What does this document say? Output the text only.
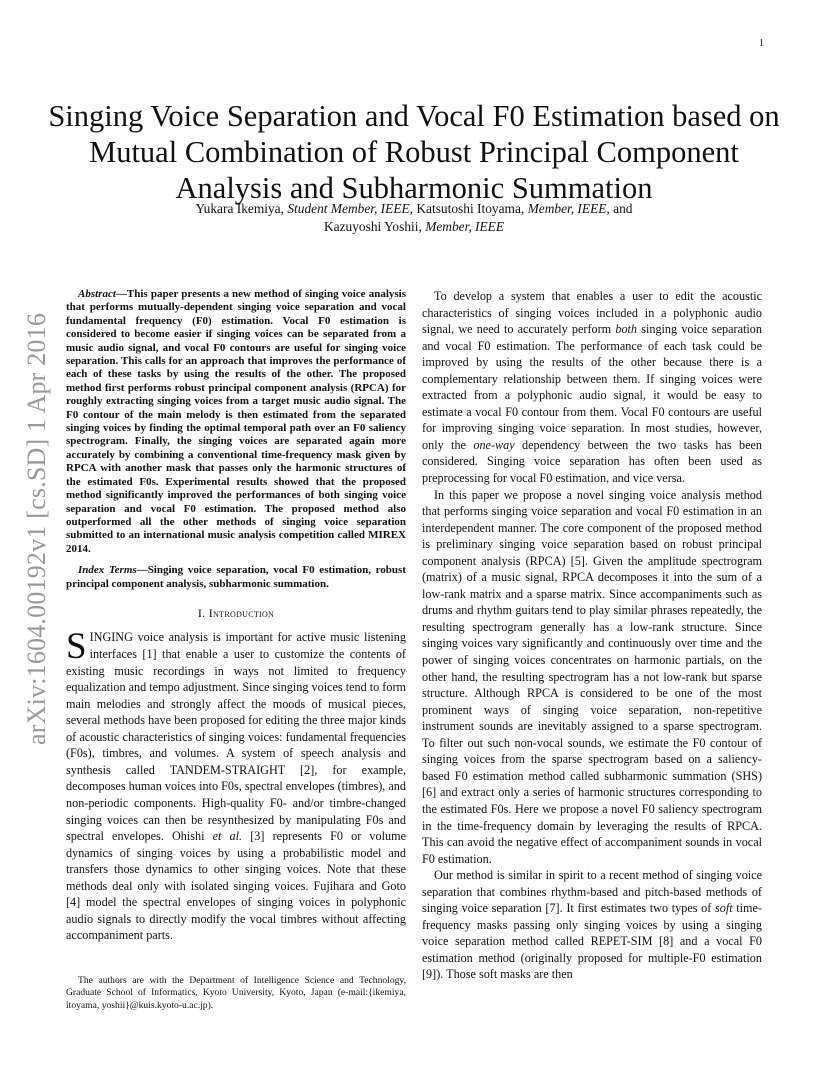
1
arXiv:1604.00192v1 [cs.SD] 1 Apr 2016
Singing Voice Separation and Vocal F0 Estimation based on Mutual Combination of Robust Principal Component Analysis and Subharmonic Summation
Yukara Ikemiya, Student Member, IEEE, Katsutoshi Itoyama, Member, IEEE, and
Kazuyoshi Yoshii, Member, IEEE

Abstract—This paper presents a new method of singing voice analysis that performs mutually-dependent singing voice separation and vocal fundamental frequency (F0) estimation. Vocal F0 estimation is considered to become easier if singing voices can be separated from a music audio signal, and vocal F0 contours are useful for singing voice separation. This calls for an approach that improves the performance of each of these tasks by using the results of the other. The proposed method first performs robust principal component analysis (RPCA) for roughly extracting singing voices from a target music audio signal. The F0 contour of the main melody is then estimated from the separated singing voices by finding the optimal temporal path over an F0 saliency spectrogram. Finally, the singing voices are separated again more accurately by combining a conventional time-frequency mask given by RPCA with another mask that passes only the harmonic structures of the estimated F0s. Experimental results showed that the proposed method significantly improved the performances of both singing voice separation and vocal F0 estimation. The proposed method also outperformed all the other methods of singing voice separation submitted to an international music analysis competition called MIREX 2014.

Index Terms—Singing voice separation, vocal F0 estimation, robust principal component analysis, subharmonic summation.

I. Introduction

SINGING voice analysis is important for active music listening interfaces [1] that enable a user to customize the contents of existing music recordings in ways not limited to frequency equalization and tempo adjustment. Since singing voices tend to form main melodies and strongly affect the moods of musical pieces, several methods have been proposed for editing the three major kinds of acoustic characteristics of singing voices: fundamental frequencies (F0s), timbres, and volumes. A system of speech analysis and synthesis called TANDEM-STRAIGHT [2], for example, decomposes human voices into F0s, spectral envelopes (timbres), and non-periodic components. High-quality F0- and/or timbre-changed singing voices can then be resynthesized by manipulating F0s and spectral envelopes. Ohishi et al. [3] represents F0 or volume dynamics of singing voices by using a probabilistic model and transfers those dynamics to other singing voices. Note that these methods deal only with isolated singing voices. Fujihara and Goto [4] model the spectral envelopes of singing voices in polyphonic audio signals to directly modify the vocal timbres without affecting accompaniment parts.

The authors are with the Department of Intelligence Science and Technology, Graduate School of Informatics, Kyoto University, Kyoto, Japan (e-mail:{ikemiya, itoyama, yoshii}@kuis.kyoto-u.ac.jp).

To develop a system that enables a user to edit the acoustic characteristics of singing voices included in a polyphonic audio signal, we need to accurately perform both singing voice separation and vocal F0 estimation. The performance of each task could be improved by using the results of the other because there is a complementary relationship between them. If singing voices were extracted from a polyphonic audio signal, it would be easy to estimate a vocal F0 contour from them. Vocal F0 contours are useful for improving singing voice separation. In most studies, however, only the one-way dependency between the two tasks has been considered. Singing voice separation has often been used as preprocessing for vocal F0 estimation, and vice versa.

In this paper we propose a novel singing voice analysis method that performs singing voice separation and vocal F0 estimation in an interdependent manner. The core component of the proposed method is preliminary singing voice separation based on robust principal component analysis (RPCA) [5]. Given the amplitude spectrogram (matrix) of a music signal, RPCA decomposes it into the sum of a low-rank matrix and a sparse matrix. Since accompaniments such as drums and rhythm guitars tend to play similar phrases repeatedly, the resulting spectrogram generally has a low-rank structure. Since singing voices vary significantly and continuously over time and the power of singing voices concentrates on harmonic partials, on the other hand, the resulting spectrogram has a not low-rank but sparse structure. Although RPCA is considered to be one of the most prominent ways of singing voice separation, non-repetitive instrument sounds are inevitably assigned to a sparse spectrogram. To filter out such non-vocal sounds, we estimate the F0 contour of singing voices from the sparse spectrogram based on a saliency-based F0 estimation method called subharmonic summation (SHS) [6] and extract only a series of harmonic structures corresponding to the estimated F0s. Here we propose a novel F0 saliency spectrogram in the time-frequency domain by leveraging the results of RPCA. This can avoid the negative effect of accompaniment sounds in vocal F0 estimation.

Our method is similar in spirit to a recent method of singing voice separation that combines rhythm-based and pitch-based methods of singing voice separation [7]. It first estimates two types of soft time-frequency masks passing only singing voices by using a singing voice separation method called REPET-SIM [8] and a vocal F0 estimation method (originally proposed for multiple-F0 estimation [9]). Those soft masks are then
